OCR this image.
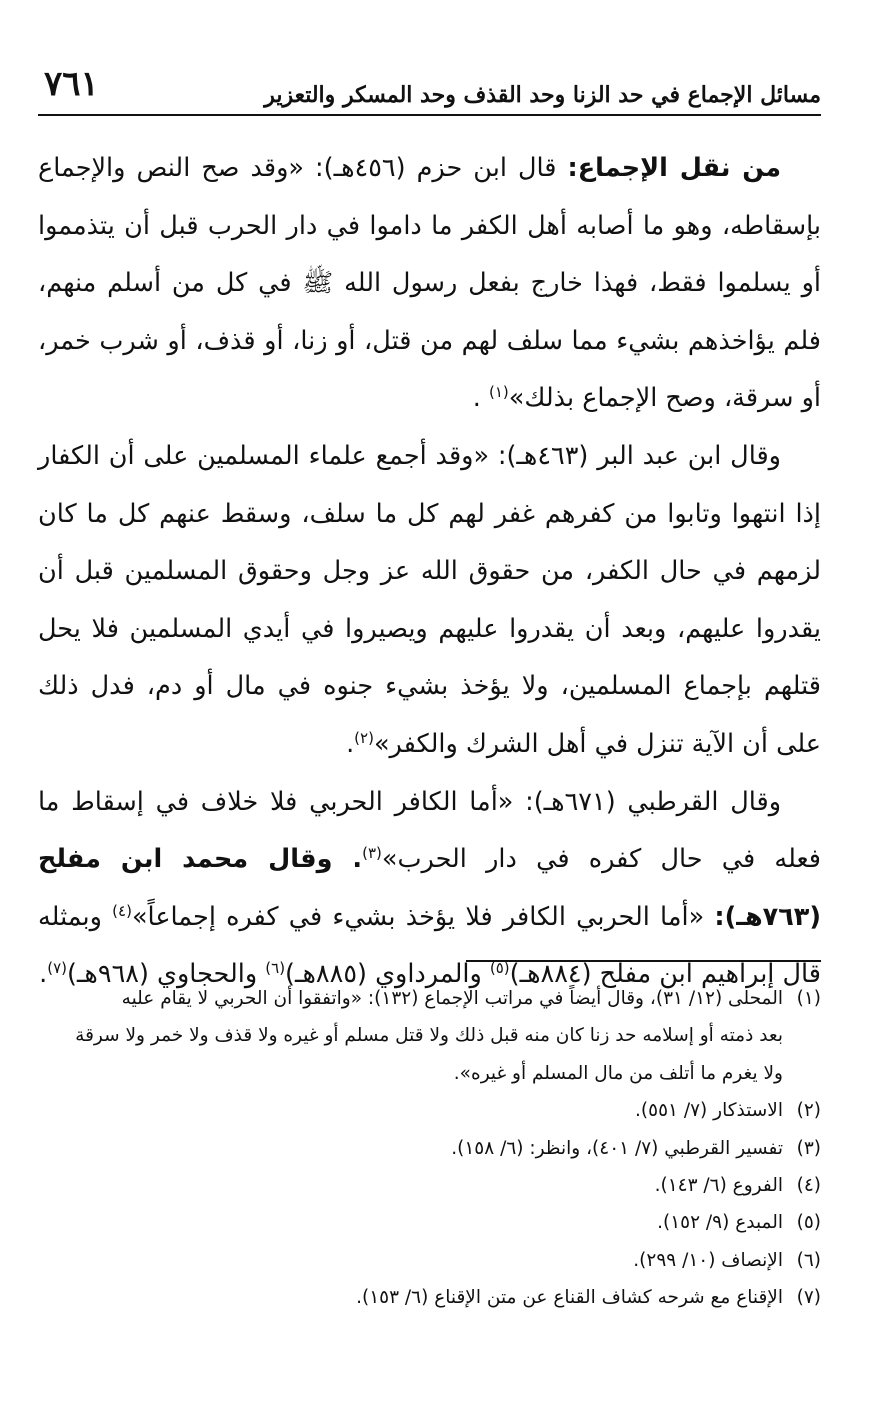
مسائل الإجماع في حد الزنا وحد القذف وحد المسكر والتعزير
٧٦١

من نقل الإجماع: قال ابن حزم (٤٥٦هـ): «وقد صح النص والإجماع بإسقاطه، وهو ما أصابه أهل الكفر ما داموا في دار الحرب قبل أن يتذمموا أو يسلموا فقط، فهذا خارج بفعل رسول الله ﷺ في كل من أسلم منهم، فلم يؤاخذهم بشيء مما سلف لهم من قتل، أو زنا، أو قذف، أو شرب خمر، أو سرقة، وصح الإجماع بذلك»$^{(١)}$ .

وقال ابن عبد البر (٤٦٣هـ): «وقد أجمع علماء المسلمين على أن الكفار إذا انتهوا وتابوا من كفرهم غفر لهم كل ما سلف، وسقط عنهم كل ما كان لزمهم في حال الكفر، من حقوق الله عز وجل وحقوق المسلمين قبل أن يقدروا عليهم، وبعد أن يقدروا عليهم ويصيروا في أيدي المسلمين فلا يحل قتلهم بإجماع المسلمين، ولا يؤخذ بشيء جنوه في مال أو دم، فدل ذلك على أن الآية تنزل في أهل الشرك والكفر»$^{(٢)}$.

وقال القرطبي (٦٧١هـ): «أما الكافر الحربي فلا خلاف في إسقاط ما فعله في حال كفره في دار الحرب»$^{(٣)}$. وقال محمد ابن مفلح (٧٦٣هـ): «أما الحربي الكافر فلا يؤخذ بشيء في كفره إجماعاً»$^{(٤)}$ وبمثله قال إبراهيم ابن مفلح (٨٨٤هـ)$^{(٥)}$ والمرداوي (٨٨٥هـ)$^{(٦)}$ والحجاوي (٩٦٨هـ)$^{(٧)}$.

(١)المحلى (١٢/ ٣١)، وقال أيضاً في مراتب الإجماع (١٣٢): «واتفقوا أن الحربي لا يقام عليه

بعد ذمته أو إسلامه حد زنا كان منه قبل ذلك ولا قتل مسلم أو غيره ولا قذف ولا خمر ولا سرقة
ولا يغرم ما أتلف من مال المسلم أو غيره».

(٢)الاستذكار (٧/ ٥٥١).

(٣)تفسير القرطبي (٧/ ٤٠١)، وانظر: (٦/ ١٥٨).

(٤)الفروع (٦/ ١٤٣).

(٥)المبدع (٩/ ١٥٢).

(٦)الإنصاف (١٠/ ٢٩٩).

(٧)الإقناع مع شرحه كشاف القناع عن متن الإقناع (٦/ ١٥٣).
